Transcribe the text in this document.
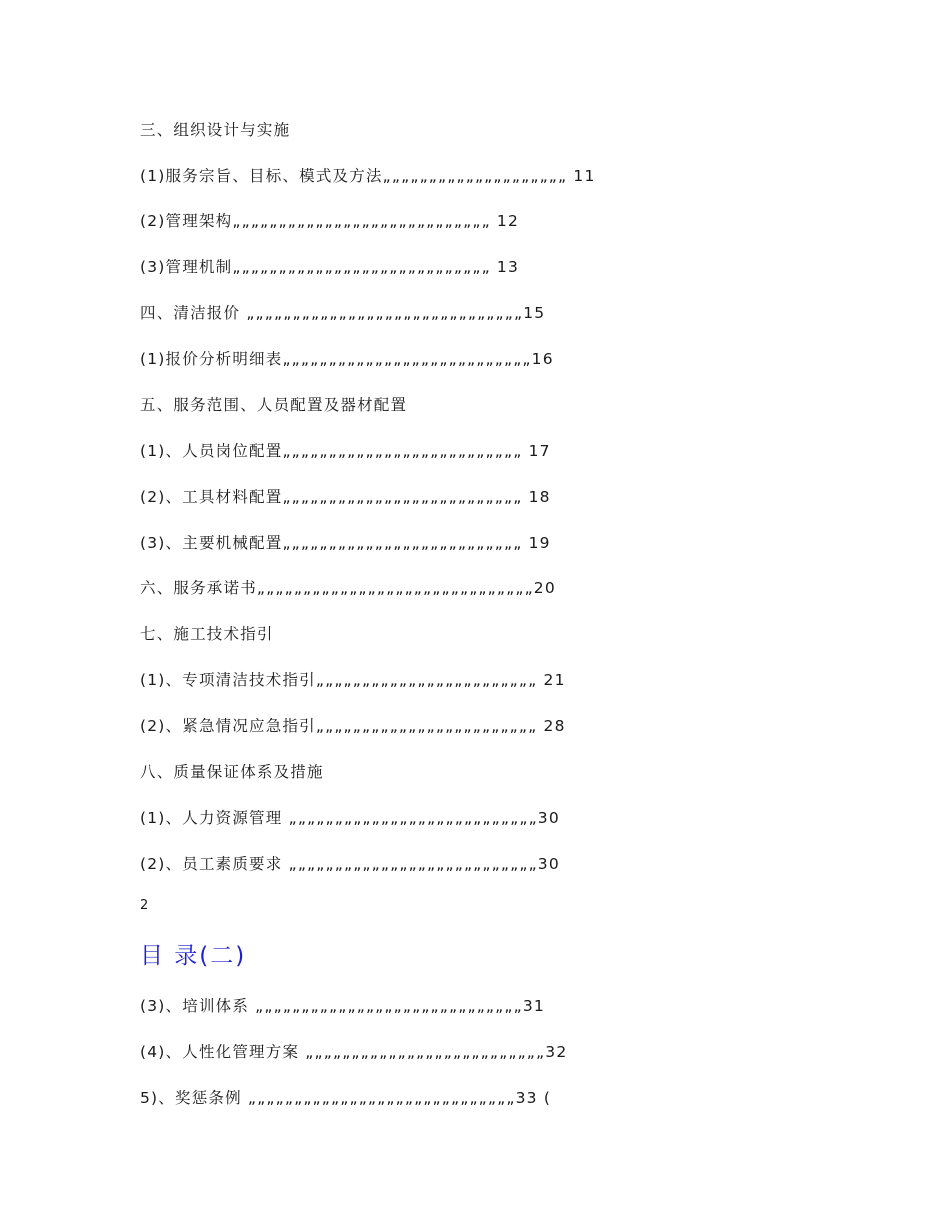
三、组织设计与实施
(1)服务宗旨、目标、模式及方法„„„„„„„„„„„„„„„„„„„„ 11
(2)管理架构„„„„„„„„„„„„„„„„„„„„„„„„„„„„ 12
(3)管理机制„„„„„„„„„„„„„„„„„„„„„„„„„„„„ 13
四、清洁报价 „„„„„„„„„„„„„„„„„„„„„„„„„„„„„„15
(1)报价分析明细表„„„„„„„„„„„„„„„„„„„„„„„„„„„16
五、服务范围、人员配置及器材配置
(1)、人员岗位配置„„„„„„„„„„„„„„„„„„„„„„„„„„ 17
(2)、工具材料配置„„„„„„„„„„„„„„„„„„„„„„„„„„ 18
(3)、主要机械配置„„„„„„„„„„„„„„„„„„„„„„„„„„ 19
六、服务承诺书„„„„„„„„„„„„„„„„„„„„„„„„„„„„„„20
七、施工技术指引
(1)、专项清洁技术指引„„„„„„„„„„„„„„„„„„„„„„„„ 21
(2)、紧急情况应急指引„„„„„„„„„„„„„„„„„„„„„„„„ 28
八、质量保证体系及措施
(1)、人力资源管理 „„„„„„„„„„„„„„„„„„„„„„„„„„„30
(2)、员工素质要求 „„„„„„„„„„„„„„„„„„„„„„„„„„„30
2
目 录(二)
(3)、培训体系 „„„„„„„„„„„„„„„„„„„„„„„„„„„„„31
(4)、人性化管理方案 „„„„„„„„„„„„„„„„„„„„„„„„„„32
5)、奖惩条例 „„„„„„„„„„„„„„„„„„„„„„„„„„„„„33 (
